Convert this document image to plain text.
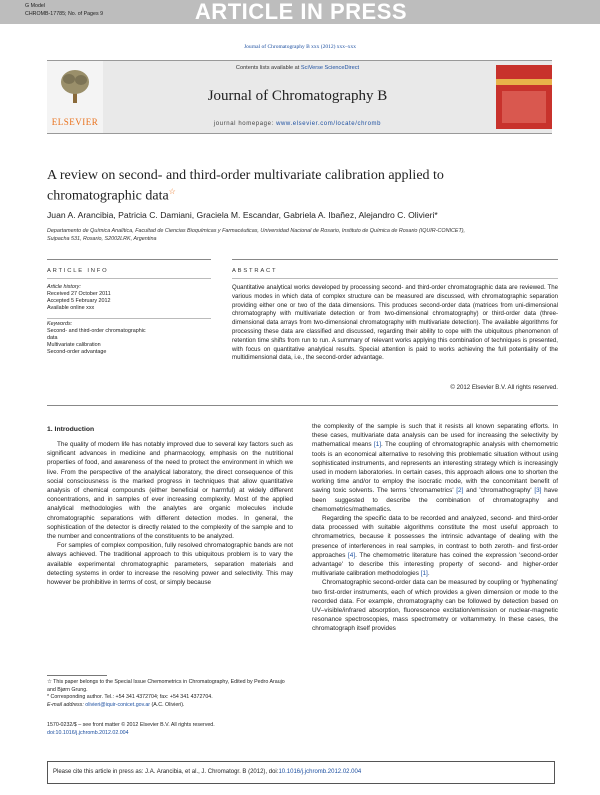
G Model
CHROMB-17785; No. of Pages 9	ARTICLE IN PRESS
Journal of Chromatography B xxx (2012) xxx–xxx
ELSEVIER
Contents lists available at SciVerse ScienceDirect
Journal of Chromatography B
journal homepage: www.elsevier.com/locate/chromb
A review on second- and third-order multivariate calibration applied to
chromatographic data☆
Juan A. Arancibia, Patricia C. Damiani, Graciela M. Escandar, Gabriela A. Ibañez, Alejandro C. Olivieri*
Departamento de Química Analítica, Facultad de Ciencias Bioquímicas y Farmacéuticas, Universidad Nacional de Rosario, Instituto de Química de Rosario (IQUIR-CONICET),
Suipacha 531, Rosario, S2002LRK, Argentina
ARTICLE INFO	ABSTRACT
Article history:
Received 27 October 2011
Accepted 5 February 2012
Available online xxx
Keywords:
Second- and third-order chromatographic
data
Multivariate calibration
Second-order advantage
Quantitative analytical works developed by processing second- and third-order chromatographic data are reviewed. The various modes in which data of complex structure can be measured are discussed, with chromatographic separation providing either one or two of the data dimensions. This produces second-order data (matrices from uni-dimensional chromatography with multivariate detection or from two-dimensional chromatography) or third-order data (three-dimensional data arrays from two-dimensional chromatography with multivariate detection). The available algorithms for processing these data are classified and discussed, regarding their ability to cope with the ubiquitous phenomenon of retention time shifts from run to run. A summary of relevant works applying this combination of techniques is presented, with focus on quantitative analytical results. Special attention is paid to works achieving the full potentiality of the multidimensional data, i.e., the second-order advantage.
© 2012 Elsevier B.V. All rights reserved.
1. Introduction

The quality of modern life has notably improved due to several key factors such as significant advances in medicine and pharmacology, emphasis on the nutritional properties of food, and awareness of the need to protect the environment in which we live. From the perspective of the analytical laboratory, the direct consequence of this social consciousness is the marked progress in techniques that allow quantitative analysis of chemical compounds (either beneficial or harmful) at widely different concentrations, and in samples of ever increasing complexity. Most of the applied analytical methodologies with the analytes are organic molecules include chromatographic separations with different detection modes. In general, the sophistication of the detector is directly related to the complexity of the sample and to the number and concentrations of the constituents to be analyzed.

For samples of complex composition, fully resolved chromatographic bands are not always achieved. The traditional approach to this ubiquitous problem is to vary the available experimental chromatographic parameters, separation materials and detecting systems in order to increase the resolving power and selectivity. This may however be prohibitive in terms of cost, or simply because

the complexity of the sample is such that it resists all known separating efforts. In these cases, multivariate data analysis can be used for increasing the selectivity by mathematical means [1]. The coupling of chromatographic analysis with chemometric tools is an economical alternative to resolving this problematic situation without using sophisticated instruments, and represents an interesting strategy which is increasingly used in modern laboratories. In certain cases, this approach allows one to shorten the working time and/or to employ the isocratic mode, with the concomitant benefit of saving toxic solvents. The terms 'chromametrics' [2] and 'chromathography' [3] have been suggested to describe the combination of chromatography and chemometrics/mathematics.

Regarding the specific data to be recorded and analyzed, second- and third-order data processed with suitable algorithms constitute the most useful approach to chromametrics, because it possesses the intrinsic advantage of dealing with the presence of interferences in real samples, in contrast to both zeroth- and first-order approaches [4]. The chemometric literature has coined the expression 'second-order advantage' to describe this interesting property of second- and higher-order multivariate calibration methodologies [1].

Chromatographic second-order data can be measured by coupling or 'hyphenating' two first-order instruments, each of which provides a given dimension or mode to the recorded data. For example, chromatography can be followed by detection based on UV–visible/infrared absorption, fluorescence excitation/emission or nuclear-magnetic resonance spectroscopies, mass spectrometry or voltammetry. In these cases, the chromatograph itself provides

☆ This paper belongs to the Special Issue Chemometrics in Chromatography, Edited by Pedro Araujo and Bjørn Grung.
* Corresponding author. Tel.: +54 341 4372704; fax: +54 341 4372704.
E-mail address: olivieri@iquir-conicet.gov.ar (A.C. Olivieri).
1570-0232/$ – see front matter © 2012 Elsevier B.V. All rights reserved.
doi:10.1016/j.jchromb.2012.02.004
Please cite this article in press as: J.A. Arancibia, et al., J. Chromatogr. B (2012), doi:10.1016/j.jchromb.2012.02.004
